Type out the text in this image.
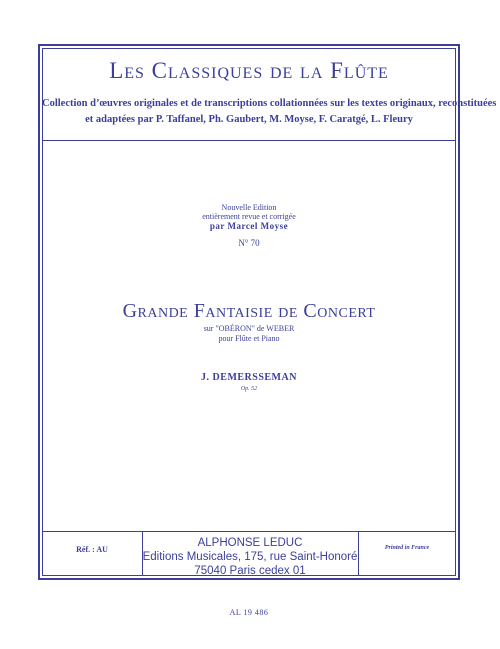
Les Classiques de la Flûte
Collection d’œuvres originales et de transcriptions collationnées sur les textes originaux, reconstituées
et adaptées par P. Taffanel, Ph. Gaubert, M. Moyse, F. Caratgé, L. Fleury
Nouvelle Edition
entièrement revue et corrigée
par Marcel Moyse
N° 70
Grande Fantaisie de Concert
sur "OBÉRON" de WEBER
pour Flûte et Piano
J. DEMERSSEMAN
Op. 52
Réf. : AU
ALPHONSE LEDUC
Editions Musicales, 175, rue Saint-Honoré
75040 Paris cedex 01
Printed in France
AL 19 486
